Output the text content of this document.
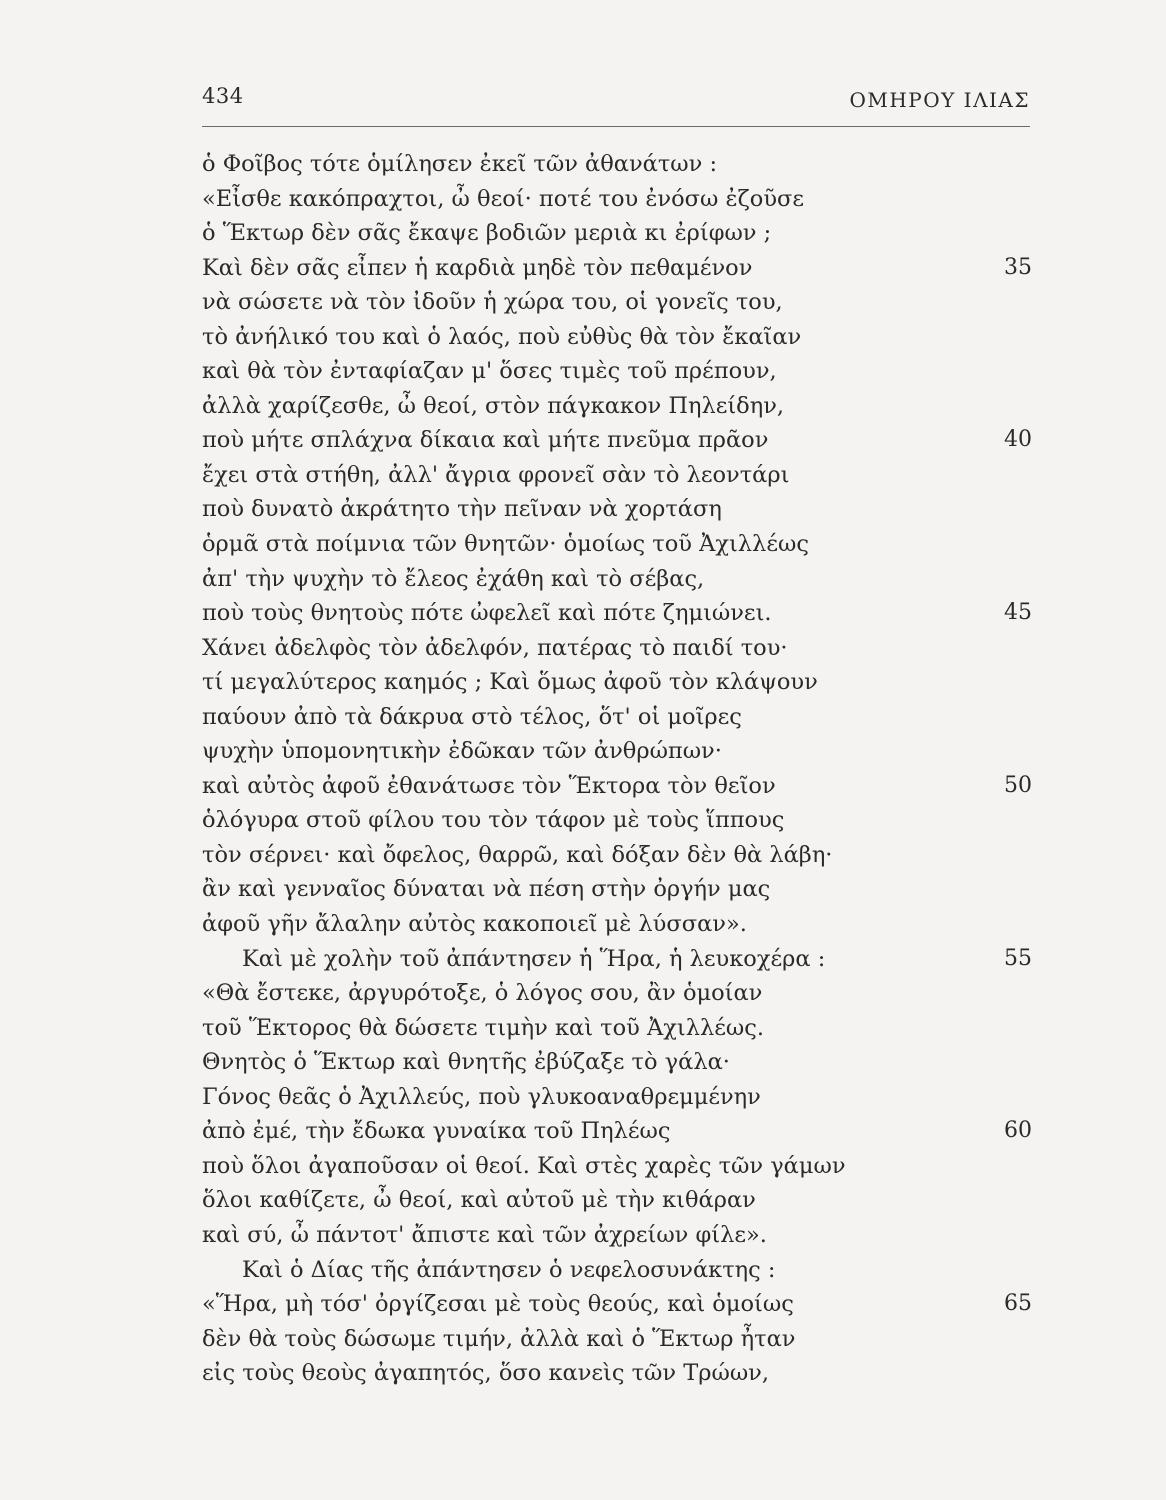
434	ΟΜΗΡΟΥ ΙΛΙΑΣ
ὁ Φοῖβος τότε ὁμίλησεν ἐκεῖ τῶν ἀθανάτων :
«Εἶσθε κακόπραχτοι, ὦ θεοί· ποτέ του ἐνόσω ἐζοῦσε
ὁ Ἕκτωρ δὲν σᾶς ἔκαψε βοδιῶν μεριὰ κι ἐρίφων ;
Καὶ δὲν σᾶς εἶπεν ἡ καρδιὰ μηδὲ τὸν πεθαμένον	35
νὰ σώσετε νὰ τὸν ἰδοῦν ἡ χώρα του, οἱ γονεῖς του,
τὸ ἀνήλικό του καὶ ὁ λαός, ποὺ εὐθὺς θὰ τὸν ἔκαῖαν
καὶ θὰ τὸν ἐνταφίαζαν μ' ὅσες τιμὲς τοῦ πρέπουν,
ἀλλὰ χαρίζεσθε, ὦ θεοί, στὸν πάγκακον Πηλείδην,
ποὺ μήτε σπλάχνα δίκαια καὶ μήτε πνεῦμα πρᾶον	40
ἔχει στὰ στήθη, ἀλλ' ἄγρια φρονεῖ σὰν τὸ λεοντάρι
ποὺ δυνατὸ ἀκράτητο τὴν πεῖναν νὰ χορτάση
ὁρμᾶ στὰ ποίμνια τῶν θνητῶν· ὁμοίως τοῦ Ἀχιλλέως
ἀπ' τὴν ψυχὴν τὸ ἔλεος ἐχάθη καὶ τὸ σέβας,
ποὺ τοὺς θνητοὺς πότε ὠφελεῖ καὶ πότε ζημιώνει.	45
Χάνει ἀδελφὸς τὸν ἀδελφόν, πατέρας τὸ παιδί του·
τί μεγαλύτερος καημός ; Καὶ ὅμως ἀφοῦ τὸν κλάψουν
παύουν ἀπὸ τὰ δάκρυα στὸ τέλος, ὅτ' οἱ μοῖρες
ψυχὴν ὑπομονητικὴν ἐδῶκαν τῶν ἀνθρώπων·
καὶ αὐτὸς ἀφοῦ ἐθανάτωσε τὸν Ἕκτορα τὸν θεῖον	50
ὁλόγυρα στοῦ φίλου του τὸν τάφον μὲ τοὺς ἵππους
τὸν σέρνει· καὶ ὄφελος, θαρρῶ, καὶ δόξαν δὲν θὰ λάβη·
ἂν καὶ γενναῖος δύναται νὰ πέση στὴν ὀργήν μας
ἀφοῦ γῆν ἄλαλην αὐτὸς κακοποιεῖ μὲ λύσσαν».
Καὶ μὲ χολὴν τοῦ ἀπάντησεν ἡ Ἥρα, ἡ λευκοχέρα :	55
«Θὰ ἔστεκε, ἀργυρότοξε, ὁ λόγος σου, ἂν ὁμοίαν
τοῦ Ἕκτορος θὰ δώσετε τιμὴν καὶ τοῦ Ἀχιλλέως.
Θνητὸς ὁ Ἕκτωρ καὶ θνητῆς ἐβύζαξε τὸ γάλα·
Γόνος θεᾶς ὁ Ἀχιλλεύς, ποὺ γλυκοαναθρεμμένην
ἀπὸ ἐμέ, τὴν ἔδωκα γυναίκα τοῦ Πηλέως	60
ποὺ ὅλοι ἀγαποῦσαν οἱ θεοί. Καὶ στὲς χαρὲς τῶν γάμων
ὅλοι καθίζετε, ὦ θεοί, καὶ αὐτοῦ μὲ τὴν κιθάραν
καὶ σύ, ὦ πάντοτ' ἄπιστε καὶ τῶν ἀχρείων φίλε».
Καὶ ὁ Δίας τῆς ἀπάντησεν ὁ νεφελοσυνάκτης :
«Ἥρα, μὴ τόσ' ὀργίζεσαι μὲ τοὺς θεούς, καὶ ὁμοίως	65
δὲν θὰ τοὺς δώσωμε τιμήν, ἀλλὰ καὶ ὁ Ἕκτωρ ἦταν
εἰς τοὺς θεοὺς ἀγαπητός, ὅσο κανεὶς τῶν Τρώων,
